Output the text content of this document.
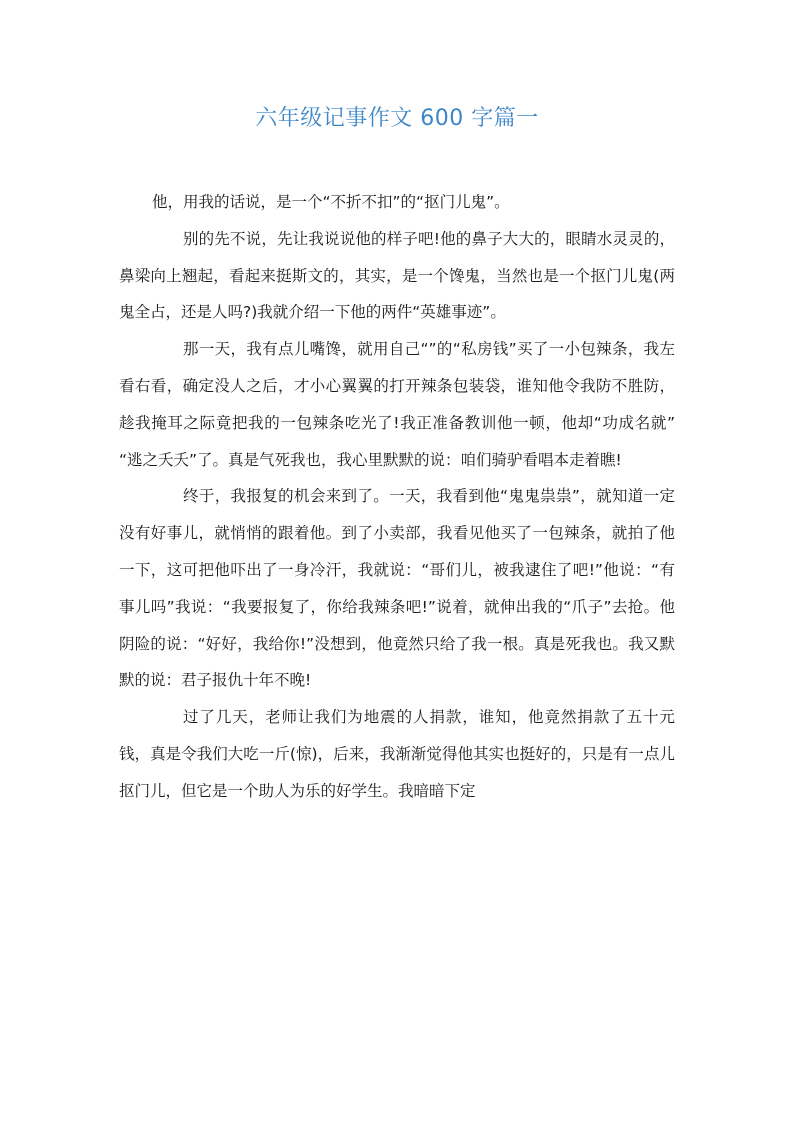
六年级记事作文 600 字篇一

他，用我的话说，是一个“不折不扣”的“抠门儿鬼”。

别的先不说，先让我说说他的样子吧!他的鼻子大大的，眼睛水灵灵的，鼻梁向上翘起，看起来挺斯文的，其实，是一个馋鬼，当然也是一个抠门儿鬼(两鬼全占，还是人吗?)我就介绍一下他的两件“英雄事迹”。

那一天，我有点儿嘴馋，就用自己“”的“私房钱”买了一小包辣条，我左看右看，确定没人之后，才小心翼翼的打开辣条包装袋，谁知他令我防不胜防，趁我掩耳之际竟把我的一包辣条吃光了!我正准备教训他一顿，他却“功成名就” “逃之夭夭”了。真是气死我也，我心里默默的说：咱们骑驴看唱本走着瞧!

终于，我报复的机会来到了。一天，我看到他“鬼鬼祟祟”，就知道一定没有好事儿，就悄悄的跟着他。到了小卖部，我看见他买了一包辣条，就拍了他一下，这可把他吓出了一身冷汗，我就说：“哥们儿，被我逮住了吧!”他说：“有事儿吗”我说：“我要报复了，你给我辣条吧!”说着，就伸出我的“爪子”去抢。他阴险的说：“好好，我给你!”没想到，他竟然只给了我一根。真是死我也。我又默默的说：君子报仇十年不晚!

过了几天，老师让我们为地震的人捐款，谁知，他竟然捐款了五十元钱，真是令我们大吃一斤(惊)，后来，我渐渐觉得他其实也挺好的，只是有一点儿抠门儿，但它是一个助人为乐的好学生。我暗暗下定
